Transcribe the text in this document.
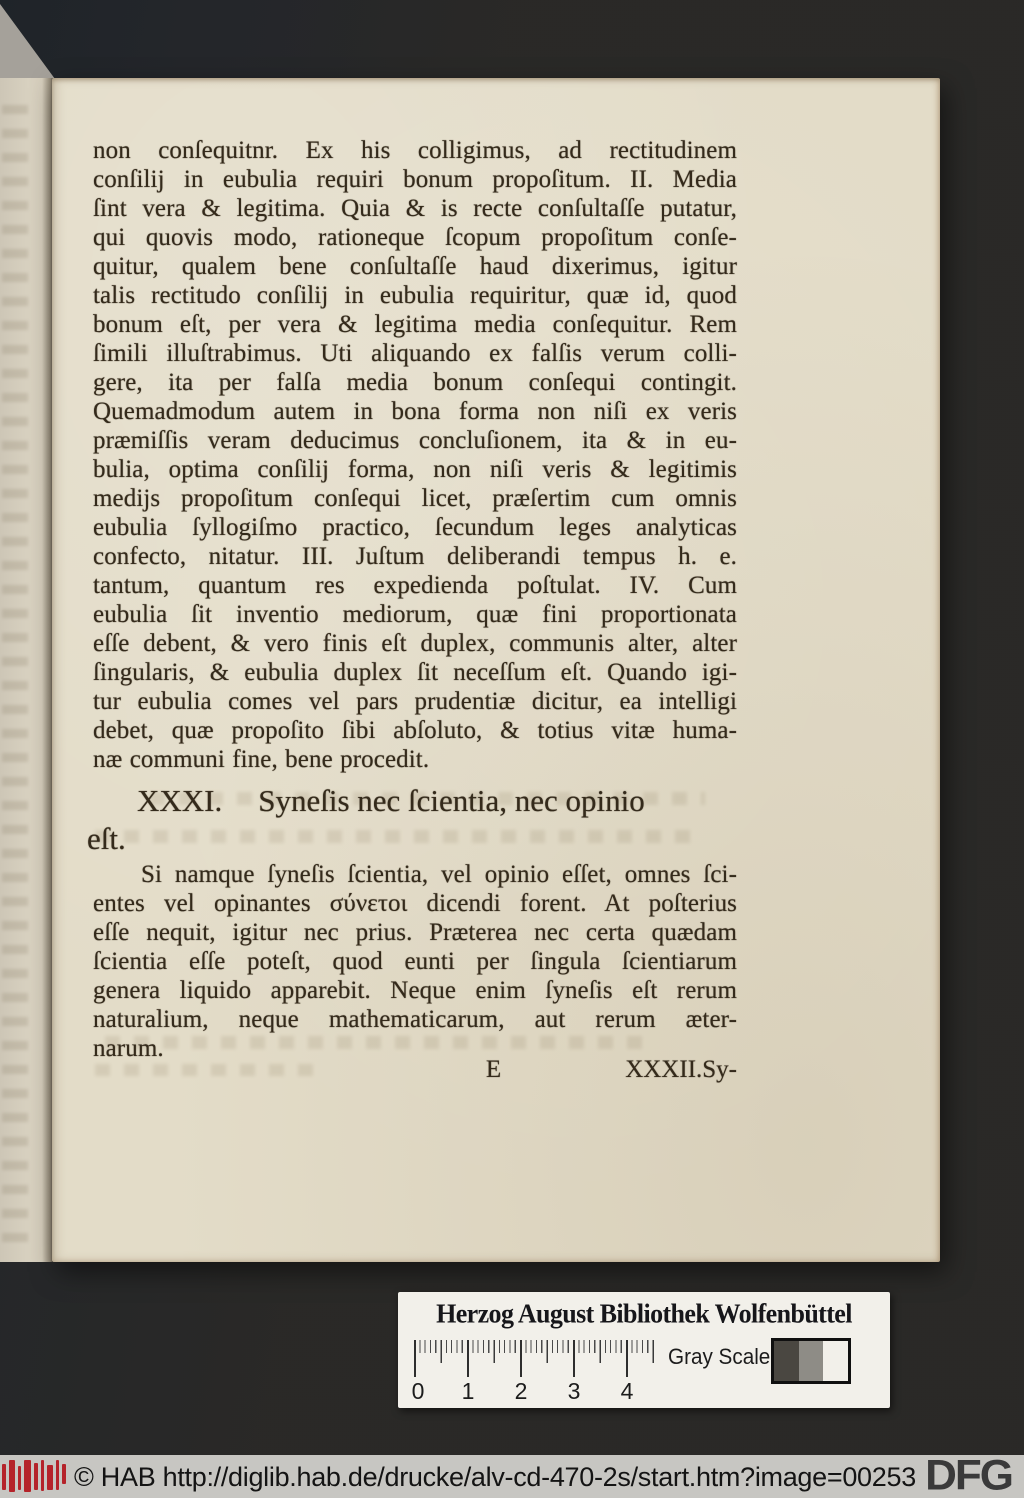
non conſequitnr. Ex his colligimus, ad rectitudinem
conſilij in eubulia requiri bonum propoſitum. II. Media
ſint vera & legitima. Quia & is recte conſultaſſe putatur,
qui quovis modo, rationeque ſcopum propoſitum conſe-
quitur, qualem bene conſultaſſe haud dixerimus, igitur
talis rectitudo conſilij in eubulia requiritur, quæ id, quod
bonum eſt, per vera & legitima media conſequitur. Rem
ſimili illuſtrabimus. Uti aliquando ex falſis verum colli-
gere, ita per falſa media bonum conſequi contingit.
Quemadmodum autem in bona forma non niſi ex veris
præmiſſis veram deducimus concluſionem, ita & in eu-
bulia, optima conſilij forma, non niſi veris & legitimis
medijs propoſitum conſequi licet, præſertim cum omnis
eubulia ſyllogiſmo practico, ſecundum leges analyticas
confecto, nitatur. III. Juſtum deliberandi tempus h. e.
tantum, quantum res expedienda poſtulat. IV. Cum
eubulia ſit inventio mediorum, quæ fini proportionata
eſſe debent, & vero finis eſt duplex, communis alter, alter
ſingularis, & eubulia duplex ſit neceſſum eſt. Quando igi-
tur eubulia comes vel pars prudentiæ dicitur, ea intelligi
debet, quæ propoſito ſibi abſoluto, & totius vitæ huma-
næ communi fine, bene procedit.
XXXI. Syneſis nec ſcientia, nec opinio
eſt.
Si namque ſyneſis ſcientia, vel opinio eſſet, omnes ſci-
entes vel opinantes σύνετοι dicendi forent. At poſterius
eſſe nequit, igitur nec prius. Præterea nec certa quædam
ſcientia eſſe poteſt, quod eunti per ſingula ſcientiarum
genera liquido apparebit. Neque enim ſyneſis eſt rerum
naturalium, neque mathematicarum, aut rerum æter-
narum.
E	XXXII.Sy-
Herzog August Bibliothek Wolfenbüttel
0 1 2 3 4
Gray Scale
© HAB http://diglib.hab.de/drucke/alv-cd-470-2s/start.htm?image=00253 DFG
